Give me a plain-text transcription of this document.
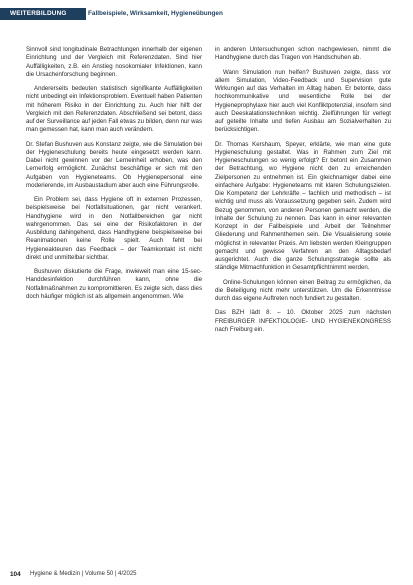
WEITERBILDUNG	Fallbeispiele, Wirksamkeit, Hygieneübungen

Sinnvoll sind longitudinale Betrachtungen innerhalb der eigenen Einrichtung und der Vergleich mit Referenzdaten. Sind hier Auffälligkeiten, z.B. ein Anstieg nosokomialer Infektionen, kann die Ursachenforschung beginnen.

Andererseits bedeuten statistisch signifikante Auffälligkeiten nicht unbedingt ein Infektionsproblem. Eventuell haben Patienten mit höherem Risiko in der Einrichtung zu. Auch hier hilft der Vergleich mit den Referenzdaten. Abschließend sei betont, dass auf der Surveillance auf jeden Fall etwas zu bilden, denn nur was man gemessen hat, kann man auch verändern.

Dr. Stefan Bushuven aus Konstanz zeigte, wie die Simulation bei der Hygieneschulung bereits heute eingesetzt werden kann. Dabei nicht gewinnen vor der Lerneinheit erhoben, was den Lernerfolg ermöglicht. Zunächst beschäftige er sich mit den Aufgaben von Hygieneteams. Ob Hygienepersonal eine moderierende, im Ausbaustadium aber auch eine Führungsrolle.

Ein Problem sei, dass Hygiene oft in externen Prozessen, beispielsweise bei Notfallsituationen, gar nicht verankert. Handhygiene wird in den Notfallbereichen gar nicht wahrgenommen. Das sei eine der Risikofaktoren in der Ausbildung dahingehend, dass Handhygiene beispielsweise bei Reanimationen keine Rolle spielt. Auch fehlt bei Hygieneakteuren das Feedback – der Teamkontakt ist nicht direkt und unmittelbar sichtbar.

Bushuven diskutierte die Frage, inwieweit man eine 15-sec-Handdesinfektion durchführen kann, ohne die Notfallmaßnahmen zu kompromittieren. Es zeigte sich, dass dies doch häufiger möglich ist als allgemein angenommen. Wie

in anderen Untersuchungen schon nachgewiesen, nimmt die Handhygiene durch das Tragen von Handschuhen ab.

Wann Simulation nun helfen? Bushuven zeigte, dass vor allem Simulation, Video-Feedback und Supervision gute Wirkungen auf das Verhalten im Alltag haben. Er betonte, dass hochkommunikative und wesentliche Rolle bei der Hygieneprophylaxe hier auch viel Konfliktpotenzial, insofern sind auch Deeskalationstechniken wichtig. Zielführungen für verlegt auf geteilte Inhalte und tiefen Ausbau am Sozialverhalten zu berücksichtigen.

Dr. Thomas Kershaum, Speyer, erklärte, wie man eine gute Hygieneschulung gestaltet. Was in Rahmen zum Ziel mit Hygieneschulungen so wenig erfolgt? Er betont ein Zusammen der Betrachtung, wo Hygiene nicht den zu erreichenden Zielpersonen zu entnehmen ist. Ein gleichnamiger dabei eine einfachere Aufgabe: Hygieneteams mit klaren Schulungszielen. Die Kompetenz der Lehrkräfte – fachlich und methodisch – ist wichtig und muss als Voraussetzung gegeben sein. Zudem wird Bezug genommen, von anderen Personen gemacht werden, die Inhalte der Schulung zu nennen. Das kann in einer relevanten Konzept in der Fallbeispiele und Arbeit der Teilnehmer Gliederung und Rahmenthemen sein. Die Visualisierung sowie möglichst in relevanter Praxis. Am liebsten werden Kleingruppen gemacht und gewisse Verfahren an den Alltagsbedarf ausgerichtet. Auch die ganze Schulungsstrategie sollte als ständige Mitmachfunktion in Gesamtpflichtnimmt werden.

Online-Schulungen können einen Beitrag zu ermöglichen, da die Beteiligung nicht mehr unterstützen. Um die Erkenntnisse durch das eigene Auftreten noch fundiert zu gestalten.

Das BZH lädt 8. – 10. Oktober 2025 zum nächsten FREIBURGER INFEKTIOLOGIE- UND HYGIENEKONGRESS nach Freiburg ein.

104 Hygiene & Medizin | Volume 50 | 4/2025
